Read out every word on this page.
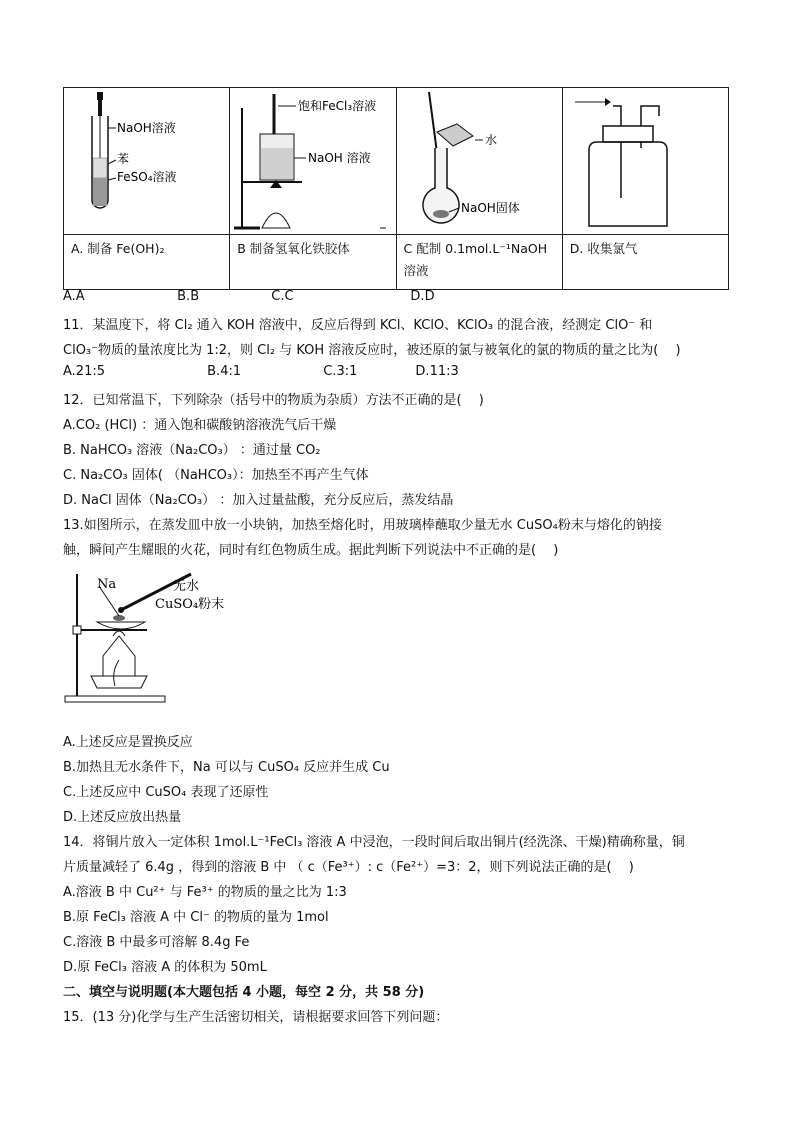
NaOH溶液
苯
FeSO₄溶液	饱和FeCl₃溶液
NaOH 溶液	水
NaOH固体

A. 制备 Fe(OH)₂	B 制备氢氧化铁胶体	C 配制 0.1mol.L⁻¹NaOH 溶液	D. 收集氯气
A.A	B.B	C.C	D.D
11．某温度下，将 Cl₂ 通入 KOH 溶液中，反应后得到 KCl、KClO、KClO₃ 的混合液，经测定 ClO⁻ 和
ClO₃⁻物质的量浓度比为 1:2，则 Cl₂ 与 KOH 溶液反应时，被还原的氯与被氧化的氯的物质的量之比为(　 )
A.21:5	B.4:1	C.3:1	D.11:3
12．已知常温下，下列除杂（括号中的物质为杂质）方法不正确的是(　 )
A.CO₂ (HCl) ：通入饱和碳酸钠溶液洗气后干燥
B. NaHCO₃ 溶液（Na₂CO₃） ：通过量 CO₂
C. Na₂CO₃ 固体( （NaHCO₃）：加热至不再产生气体
D. NaCl 固体（Na₂CO₃） ：加入过量盐酸，充分反应后，蒸发结晶
13.如图所示，在蒸发皿中放一小块钠，加热至熔化时，用玻璃棒蘸取少量无水 CuSO₄粉末与熔化的钠接
触，瞬间产生耀眼的火花，同时有红色物质生成。据此判断下列说法中不正确的是(　 )
Na	无水
CuSO₄粉末
A.上述反应是置换反应
B.加热且无水条件下，Na 可以与 CuSO₄ 反应并生成 Cu
C.上述反应中 CuSO₄ 表现了还原性
D.上述反应放出热量
14．将铜片放入一定体积 1mol.L⁻¹FeCl₃ 溶液 A 中浸泡，一段时间后取出铜片(经洗涤、干燥)精确称量，铜
片质量减轻了 6.4g ，得到的溶液 B 中 （ c（Fe³⁺）: c（Fe²⁺）=3：2，则下列说法正确的是(　 )
A.溶液 B 中 Cu²⁺ 与 Fe³⁺ 的物质的量之比为 1:3
B.原 FeCl₃ 溶液 A 中 Cl⁻ 的物质的量为 1mol
C.溶液 B 中最多可溶解 8.4g Fe
D.原 FeCl₃ 溶液 A 的体积为 50mL
二、填空与说明题(本大题包括 4 小题，每空 2 分，共 58 分)
15．(13 分)化学与生产生活密切相关，请根据要求回答下列问题：
